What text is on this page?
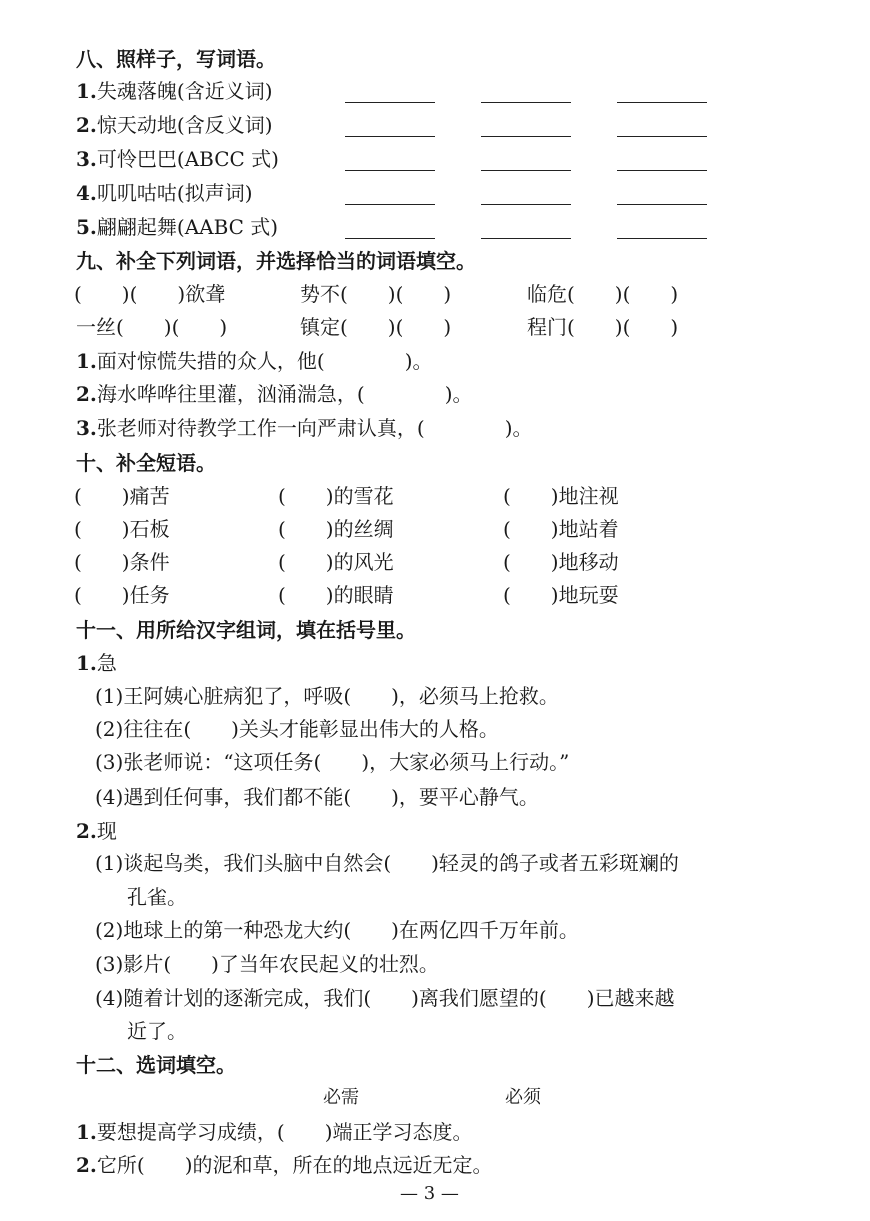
八、照样子，写词语。
1.失魂落魄(含近义词)
2.惊天动地(含反义词)
3.可怜巴巴(ABCC 式)
4.叽叽咕咕(拟声词)
5.翩翩起舞(AABC 式)
九、补全下列词语，并选择恰当的词语填空。
(　　)(　　)欲聋	势不(　　)(　　)	临危(　　)(　　)
一丝(　　)(　　)	镇定(　　)(　　)	程门(　　)(　　)
1.面对惊慌失措的众人，他(　　　　)。
2.海水哗哗往里灌，汹涌湍急，(　　　　)。
3.张老师对待教学工作一向严肃认真，(　　　　)。
十、补全短语。
(　　)痛苦	(　　)的雪花	(　　)地注视
(　　)石板	(　　)的丝绸	(　　)地站着
(　　)条件	(　　)的风光	(　　)地移动
(　　)任务	(　　)的眼睛	(　　)地玩耍
十一、用所给汉字组词，填在括号里。
1.急
(1)王阿姨心脏病犯了，呼吸(　　)，必须马上抢救。
(2)往往在(　　)关头才能彰显出伟大的人格。
(3)张老师说：“这项任务(　　)，大家必须马上行动。”
(4)遇到任何事，我们都不能(　　)，要平心静气。
2.现
(1)谈起鸟类，我们头脑中自然会(　　)轻灵的鸽子或者五彩斑斓的
孔雀。
(2)地球上的第一种恐龙大约(　　)在两亿四千万年前。
(3)影片(　　)了当年农民起义的壮烈。
(4)随着计划的逐渐完成，我们(　　)离我们愿望的(　　)已越来越
近了。
十二、选词填空。
必需	必须
1.要想提高学习成绩，(　　)端正学习态度。
2.它所(　　)的泥和草，所在的地点远近无定。
— 3 —
